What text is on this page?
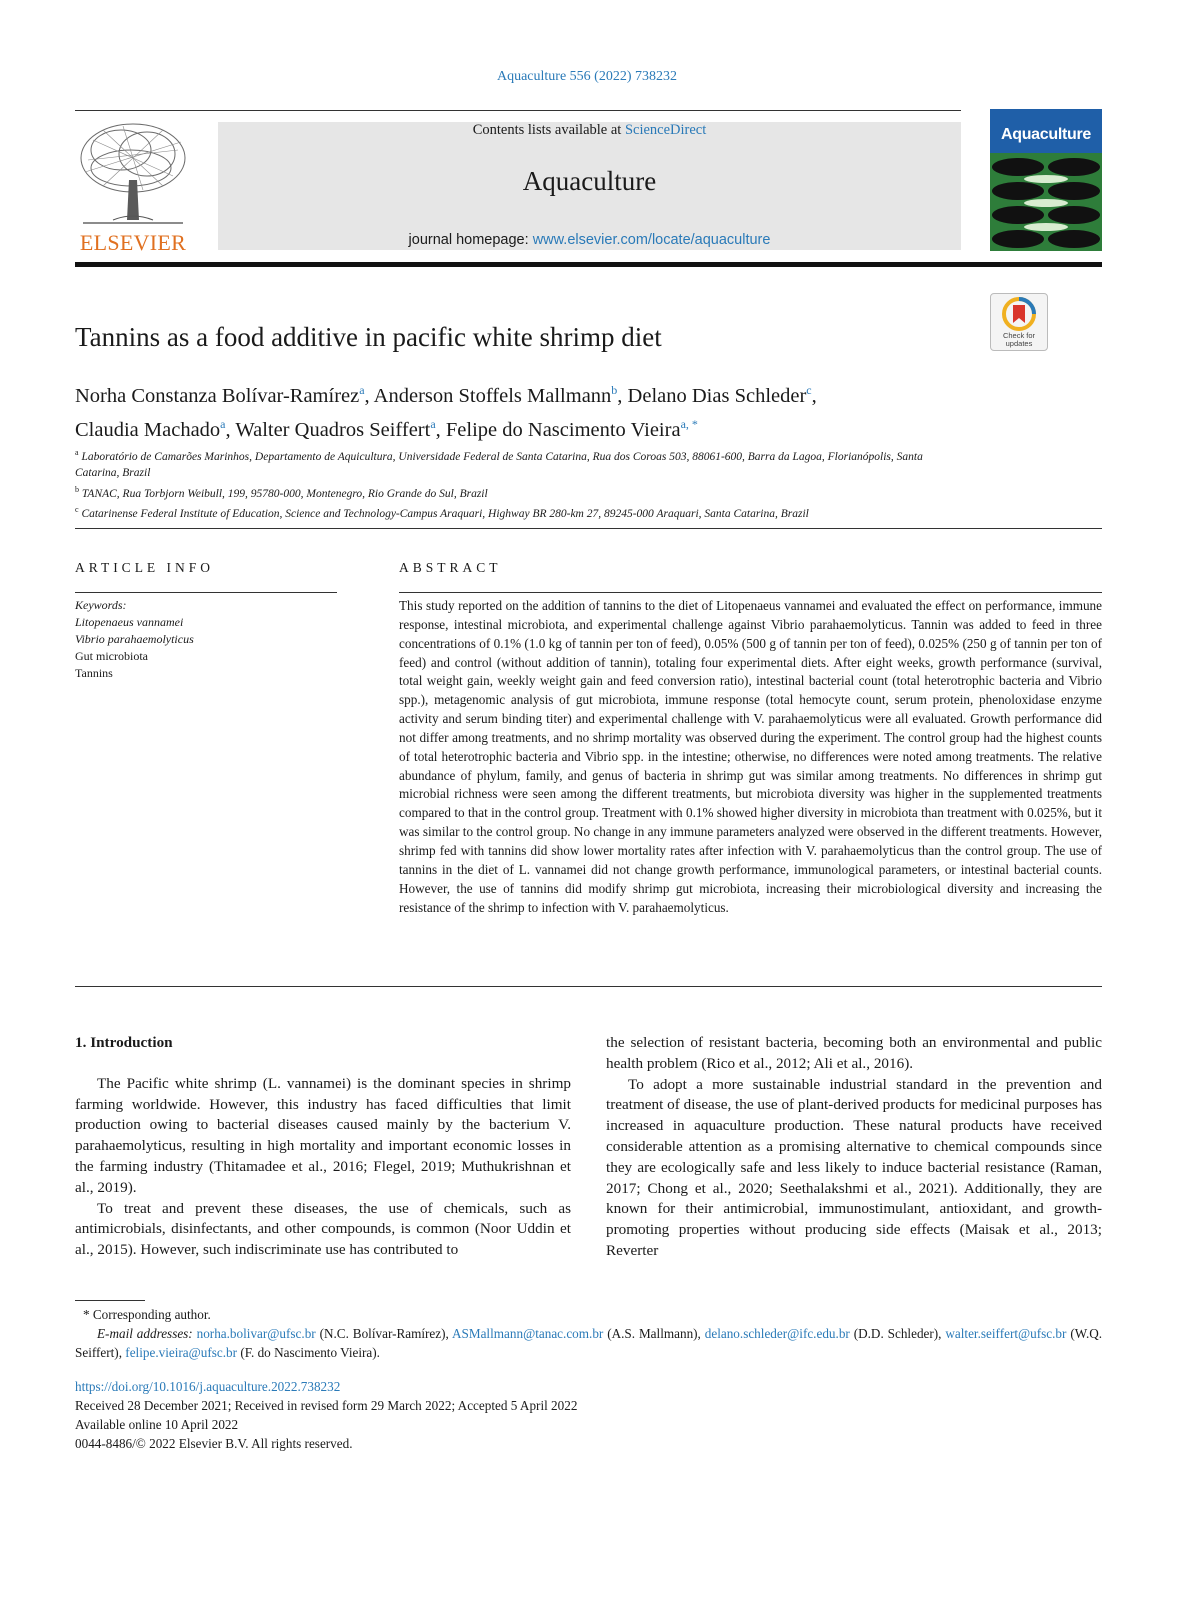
Aquaculture 556 (2022) 738232
ELSEVIER
Contents lists available at ScienceDirect
Aquaculture
journal homepage: www.elsevier.com/locate/aquaculture
Aquaculture
Check for updates
Tannins as a food additive in pacific white shrimp diet
Norha Constanza Bolívar-Ramírez$^a$, Anderson Stoffels Mallmann$^b$, Delano Dias Schleder$^c$,
Claudia Machado$^a$, Walter Quadros Seiffert$^a$, Felipe do Nascimento Vieira$^{a, *}$
$^a$ Laboratório de Camarões Marinhos, Departamento de Aquicultura, Universidade Federal de Santa Catarina, Rua dos Coroas 503, 88061-600, Barra da Lagoa, Florianópolis, Santa Catarina, Brazil
$^b$ TANAC, Rua Torbjorn Weibull, 199, 95780-000, Montenegro, Rio Grande do Sul, Brazil
$^c$ Catarinense Federal Institute of Education, Science and Technology-Campus Araquari, Highway BR 280-km 27, 89245-000 Araquari, Santa Catarina, Brazil
ARTICLE INFO	ABSTRACT
Keywords:
Litopenaeus vannamei
Vibrio parahaemolyticus
Gut microbiota
Tannins
This study reported on the addition of tannins to the diet of Litopenaeus vannamei and evaluated the effect on performance, immune response, intestinal microbiota, and experimental challenge against Vibrio parahaemolyticus. Tannin was added to feed in three concentrations of 0.1% (1.0 kg of tannin per ton of feed), 0.05% (500 g of tannin per ton of feed), 0.025% (250 g of tannin per ton of feed) and control (without addition of tannin), totaling four experimental diets. After eight weeks, growth performance (survival, total weight gain, weekly weight gain and feed conversion ratio), intestinal bacterial count (total heterotrophic bacteria and Vibrio spp.), metagenomic analysis of gut microbiota, immune response (total hemocyte count, serum protein, phenoloxidase enzyme activity and serum binding titer) and experimental challenge with V. parahaemolyticus were all evaluated. Growth performance did not differ among treatments, and no shrimp mortality was observed during the experiment. The control group had the highest counts of total heterotrophic bacteria and Vibrio spp. in the intestine; otherwise, no differences were noted among treatments. The relative abundance of phylum, family, and genus of bacteria in shrimp gut was similar among treatments. No differences in shrimp gut microbial richness were seen among the different treatments, but microbiota diversity was higher in the supplemented treatments compared to that in the control group. Treatment with 0.1% showed higher diversity in microbiota than treatment with 0.025%, but it was similar to the control group. No change in any immune parameters analyzed were observed in the different treatments. However, shrimp fed with tannins did show lower mortality rates after infection with V. parahaemolyticus than the control group. The use of tannins in the diet of L. vannamei did not change growth performance, immunological parameters, or intestinal bacterial counts. However, the use of tannins did modify shrimp gut microbiota, increasing their microbiological diversity and increasing the resistance of the shrimp to infection with V. parahaemolyticus.
1. Introduction

The Pacific white shrimp (L. vannamei) is the dominant species in shrimp farming worldwide. However, this industry has faced difficulties that limit production owing to bacterial diseases caused mainly by the bacterium V. parahaemolyticus, resulting in high mortality and important economic losses in the farming industry (Thitamadee et al., 2016; Flegel, 2019; Muthukrishnan et al., 2019).

To treat and prevent these diseases, the use of chemicals, such as antimicrobials, disinfectants, and other compounds, is common (Noor Uddin et al., 2015). However, such indiscriminate use has contributed to

the selection of resistant bacteria, becoming both an environmental and public health problem (Rico et al., 2012; Ali et al., 2016).

To adopt a more sustainable industrial standard in the prevention and treatment of disease, the use of plant-derived products for medicinal purposes has increased in aquaculture production. These natural products have received considerable attention as a promising alternative to chemical compounds since they are ecologically safe and less likely to induce bacterial resistance (Raman, 2017; Chong et al., 2020; Seethalakshmi et al., 2021). Additionally, they are known for their antimicrobial, immunostimulant, antioxidant, and growth-promoting properties without producing side effects (Maisak et al., 2013; Reverter

* Corresponding author.
E-mail addresses: norha.bolivar@ufsc.br (N.C. Bolívar-Ramírez), ASMallmann@tanac.com.br (A.S. Mallmann), delano.schleder@ifc.edu.br (D.D. Schleder), walter.seiffert@ufsc.br (W.Q. Seiffert), felipe.vieira@ufsc.br (F. do Nascimento Vieira).
https://doi.org/10.1016/j.aquaculture.2022.738232
Received 28 December 2021; Received in revised form 29 March 2022; Accepted 5 April 2022
Available online 10 April 2022
0044-8486/© 2022 Elsevier B.V. All rights reserved.
